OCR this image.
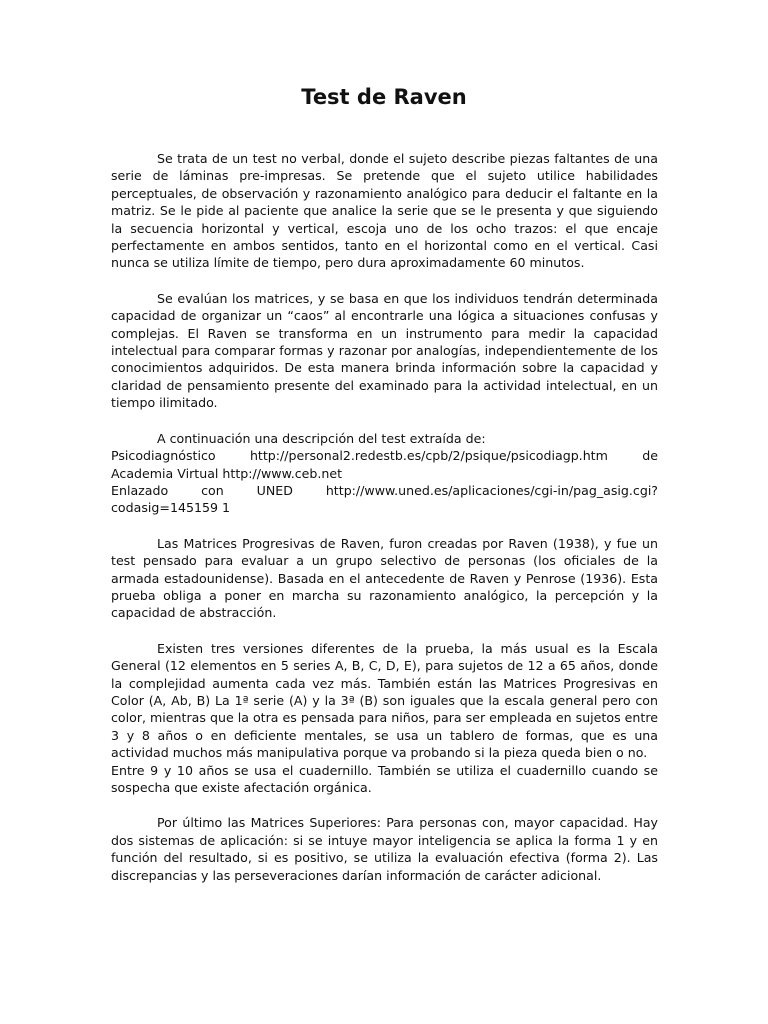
Test de Raven

Se trata de un test no verbal, donde el sujeto describe piezas faltantes de una serie de láminas pre-impresas. Se pretende que el sujeto utilice habilidades perceptuales, de observación y razonamiento analógico para deducir el faltante en la matriz. Se le pide al paciente que analice la serie que se le presenta y que siguiendo la secuencia horizontal y vertical, escoja uno de los ocho trazos: el que encaje perfectamente en ambos sentidos, tanto en el horizontal como en el vertical. Casi nunca se utiliza límite de tiempo, pero dura aproximadamente 60 minutos.

Se evalúan los matrices, y se basa en que los individuos tendrán determinada capacidad de organizar un “caos” al encontrarle una lógica a situaciones confusas y complejas. El Raven se transforma en un instrumento para medir la capacidad intelectual para comparar formas y razonar por analogías, independientemente de los conocimientos adquiridos. De esta manera brinda información sobre la capacidad y claridad de pensamiento presente del examinado para la actividad intelectual, en un tiempo ilimitado.

A continuación una descripción del test extraída de:
Psicodiagnóstico http://personal2.redestb.es/cpb/2/psique/psicodiagp.htm de
Academia Virtual http://www.ceb.net
Enlazado con UNED http://www.uned.es/aplicaciones/cgi-in/pag_asig.cgi?
codasig=145159 1

Las Matrices Progresivas de Raven, furon creadas por Raven (1938), y fue un test pensado para evaluar a un grupo selectivo de personas (los oficiales de la armada estadounidense). Basada en el antecedente de Raven y Penrose (1936). Esta prueba obliga a poner en marcha su razonamiento analógico, la percepción y la capacidad de abstracción.

Existen tres versiones diferentes de la prueba, la más usual es la Escala General (12 elementos en 5 series A, B, C, D, E), para sujetos de 12 a 65 años, donde la complejidad aumenta cada vez más. También están las Matrices Progresivas en Color (A, Ab, B) La 1ª serie (A) y la 3ª (B) son iguales que la escala general pero con color, mientras que la otra es pensada para niños, para ser empleada en sujetos entre 3 y 8 años o en deficiente mentales, se usa un tablero de formas, que es una actividad muchos más manipulativa porque va probando si la pieza queda bien o no.

Entre 9 y 10 años se usa el cuadernillo. También se utiliza el cuadernillo cuando se sospecha que existe afectación orgánica.

Por último las Matrices Superiores: Para personas con, mayor capacidad. Hay dos sistemas de aplicación: si se intuye mayor inteligencia se aplica la forma 1 y en función del resultado, si es positivo, se utiliza la evaluación efectiva (forma 2). Las discrepancias y las perseveraciones darían información de carácter adicional.
